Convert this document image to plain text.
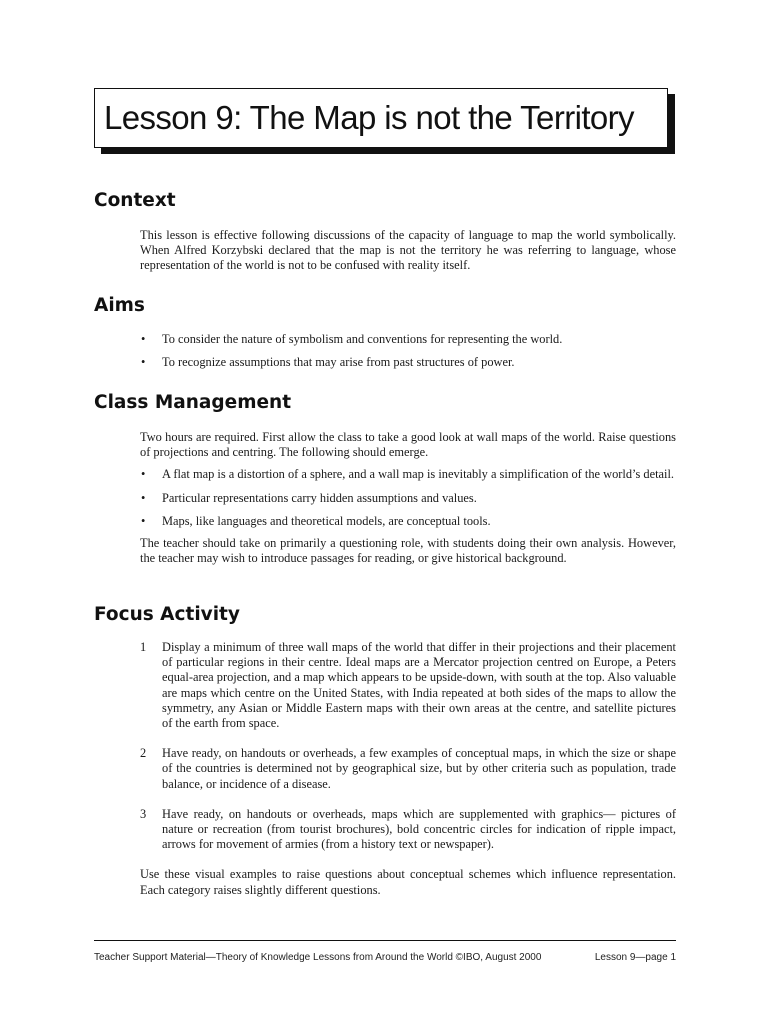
Lesson 9: The Map is not the Territory
Context

This lesson is effective following discussions of the capacity of language to map the world symbolically. When Alfred Korzybski declared that the map is not the territory he was referring to language, whose representation of the world is not to be confused with reality itself.

Aims
• To consider the nature of symbolism and conventions for representing the world.
• To recognize assumptions that may arise from past structures of power.
Class Management

Two hours are required. First allow the class to take a good look at wall maps of the world. Raise questions of projections and centring. The following should emerge.

• A flat map is a distortion of a sphere, and a wall map is inevitably a simplification of the world’s detail.
• Particular representations carry hidden assumptions and values.
• Maps, like languages and theoretical models, are conceptual tools.

The teacher should take on primarily a questioning role, with students doing their own analysis. However, the teacher may wish to introduce passages for reading, or give historical background.

Focus Activity
1 Display a minimum of three wall maps of the world that differ in their projections and their placement of particular regions in their centre. Ideal maps are a Mercator projection centred on Europe, a Peters equal-area projection, and a map which appears to be upside-down, with south at the top. Also valuable are maps which centre on the United States, with India repeated at both sides of the maps to allow the symmetry, any Asian or Middle Eastern maps with their own areas at the centre, and satellite pictures of the earth from space.
2 Have ready, on handouts or overheads, a few examples of conceptual maps, in which the size or shape of the countries is determined not by geographical size, but by other criteria such as population, trade balance, or incidence of a disease.
3 Have ready, on handouts or overheads, maps which are supplemented with graphics— pictures of nature or recreation (from tourist brochures), bold concentric circles for indication of ripple impact, arrows for movement of armies (from a history text or newspaper).

Use these visual examples to raise questions about conceptual schemes which influence representation. Each category raises slightly different questions.

Teacher Support Material—Theory of Knowledge Lessons from Around the World ©IBO, August 2000	Lesson 9—page 1
